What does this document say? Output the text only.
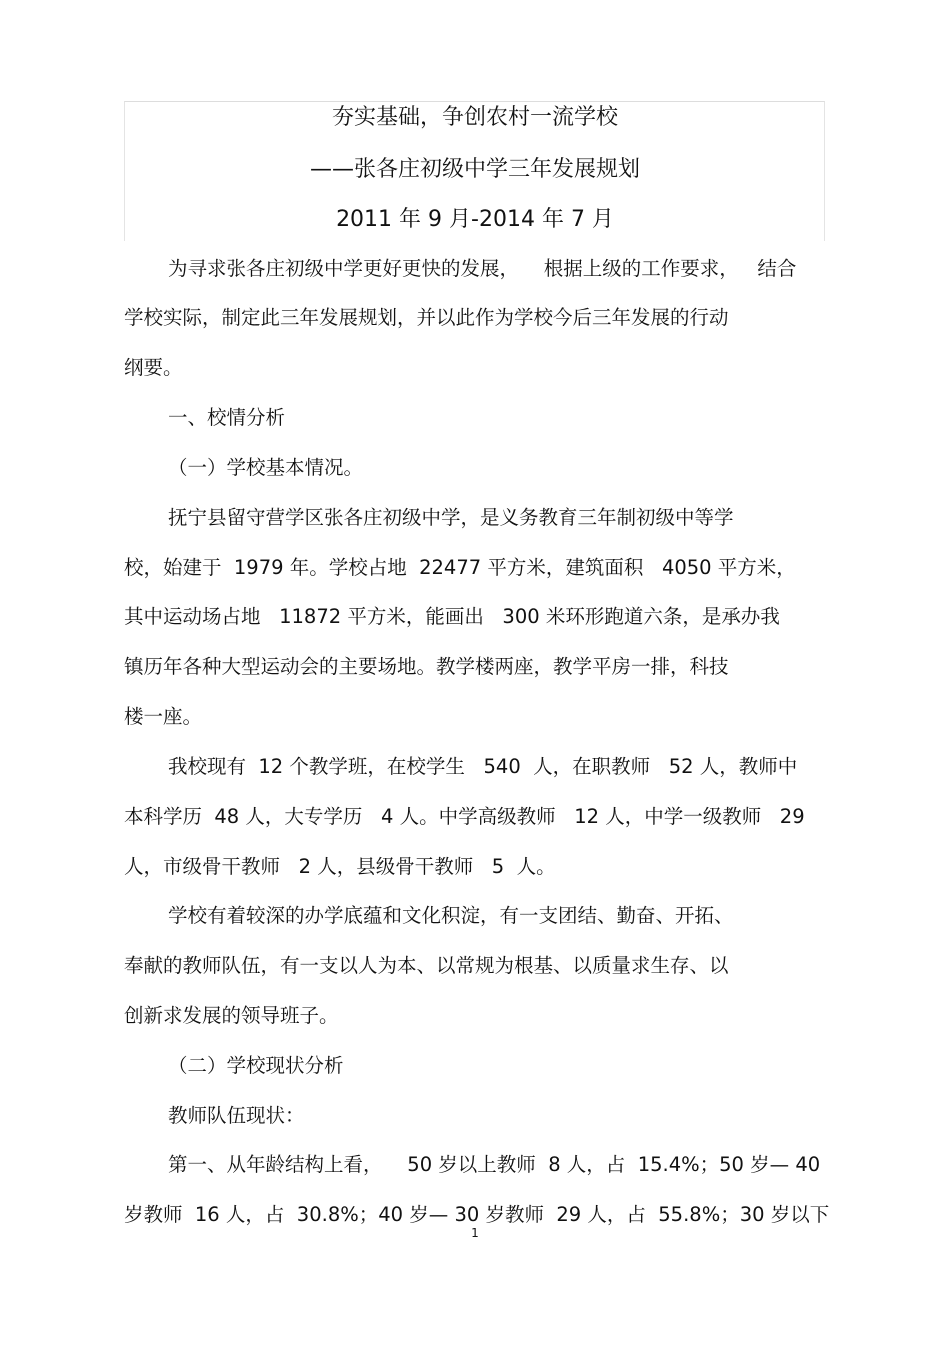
夯实基础，争创农村一流学校
——张各庄初级中学三年发展规划
2011 年 9 月-2014 年 7 月
为寻求张各庄初级中学更好更快的发展，    根据上级的工作要求，   结合
学校实际，制定此三年发展规划，并以此作为学校今后三年发展的行动
纲要。
一、校情分析
（一）学校基本情况。
抚宁县留守营学区张各庄初级中学，是义务教育三年制初级中等学
校，始建于  1979 年。学校占地  22477 平方米，建筑面积   4050 平方米，
其中运动场占地   11872 平方米，能画出   300 米环形跑道六条，是承办我
镇历年各种大型运动会的主要场地。教学楼两座，教学平房一排，科技
楼一座。
我校现有  12 个教学班，在校学生   540  人，在职教师   52 人，教师中
本科学历  48 人，大专学历   4 人。中学高级教师   12 人，中学一级教师   29
人，市级骨干教师   2 人，县级骨干教师   5  人。
学校有着较深的办学底蕴和文化积淀，有一支团结、勤奋、开拓、
奉献的教师队伍，有一支以人为本、以常规为根基、以质量求生存、以
创新求发展的领导班子。
（二）学校现状分析
教师队伍现状：
第一、从年龄结构上看，    50 岁以上教师  8 人，占  15.4%；50 岁— 40
岁教师  16 人，占  30.8%；40 岁— 30 岁教师  29 人，占  55.8%；30 岁以下
1
